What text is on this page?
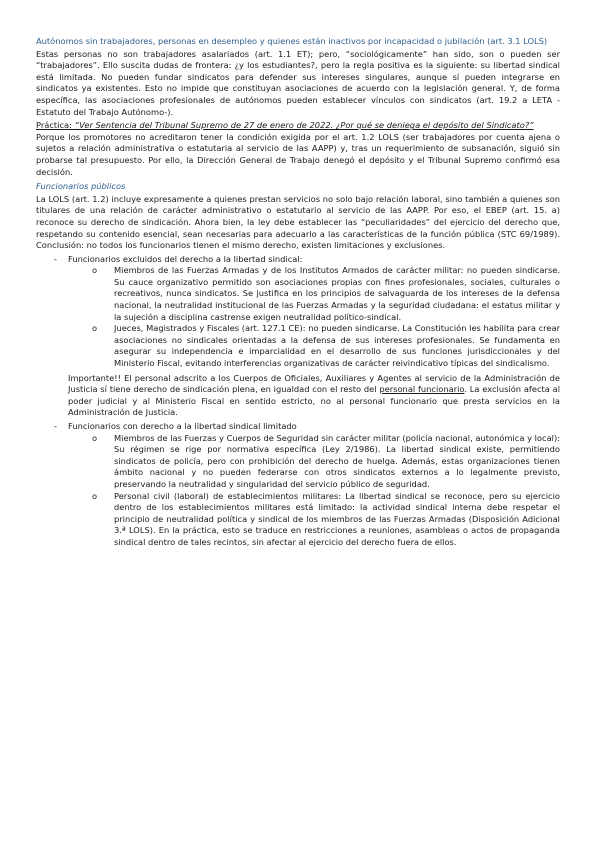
Autónomos sin trabajadores, personas en desempleo y quienes están inactivos por incapacidad o jubilación (art. 3.1 LOLS)

Estas personas no son trabajadores asalariados (art. 1.1 ET); pero, “sociológicamente” han sido, son o pueden ser “trabajadores”. Ello suscita dudas de frontera: ¿y los estudiantes?, pero la regla positiva es la siguiente: su libertad sindical está limitada. No pueden fundar sindicatos para defender sus intereses singulares, aunque sí pueden integrarse en sindicatos ya existentes. Esto no impide que constituyan asociaciones de acuerdo con la legislación general. Y, de forma específica, las asociaciones profesionales de autónomos pueden establecer vínculos con sindicatos (art. 19.2 a LETA -Estatuto del Trabajo Autónomo-).

Práctica: “Ver Sentencia del Tribunal Supremo de 27 de enero de 2022. ¿Por qué se deniega el depósito del Sindicato?”

Porque los promotores no acreditaron tener la condición exigida por el art. 1.2 LOLS (ser trabajadores por cuenta ajena o sujetos a relación administrativa o estatutaria al servicio de las AAPP) y, tras un requerimiento de subsanación, siguió sin probarse tal presupuesto. Por ello, la Dirección General de Trabajo denegó el depósito y el Tribunal Supremo confirmó esa decisión.

Funcionarios públicos

La LOLS (art. 1.2) incluye expresamente a quienes prestan servicios no solo bajo relación laboral, sino también a quienes son titulares de una relación de carácter administrativo o estatutario al servicio de las AAPP. Por eso, el EBEP (art. 15. a) reconoce su derecho de sindicación. Ahora bien, la ley debe establecer las “peculiaridades” del ejercicio del derecho que, respetando su contenido esencial, sean necesarias para adecuarlo a las características de la función pública (STC 69/1989). Conclusión: no todos los funcionarios tienen el mismo derecho, existen limitaciones y exclusiones.

- Funcionarios excluidos del derecho a la libertad sindical:
o Miembros de las Fuerzas Armadas y de los Institutos Armados de carácter militar: no pueden sindicarse. Su cauce organizativo permitido son asociaciones propias con fines profesionales, sociales, culturales o recreativos, nunca sindicatos. Se justifica en los principios de salvaguarda de los intereses de la defensa nacional, la neutralidad institucional de las Fuerzas Armadas y la seguridad ciudadana: el estatus militar y la sujeción a disciplina castrense exigen neutralidad político-sindical.
o Jueces, Magistrados y Fiscales (art. 127.1 CE): no pueden sindicarse. La Constitución les habilita para crear asociaciones no sindicales orientadas a la defensa de sus intereses profesionales. Se fundamenta en asegurar su independencia e imparcialidad en el desarrollo de sus funciones jurisdiccionales y del Ministerio Fiscal, evitando interferencias organizativas de carácter reivindicativo típicas del sindicalismo.

Importante!! El personal adscrito a los Cuerpos de Oficiales, Auxiliares y Agentes al servicio de la Administración de Justicia sí tiene derecho de sindicación plena, en igualdad con el resto del personal funcionario. La exclusión afecta al poder judicial y al Ministerio Fiscal en sentido estricto, no al personal funcionario que presta servicios en la Administración de Justicia.

- Funcionarios con derecho a la libertad sindical limitado
o Miembros de las Fuerzas y Cuerpos de Seguridad sin carácter militar (policía nacional, autonómica y local): Su régimen se rige por normativa específica (Ley 2/1986). La libertad sindical existe, permitiendo sindicatos de policía, pero con prohibición del derecho de huelga. Además, estas organizaciones tienen ámbito nacional y no pueden federarse con otros sindicatos externos a lo legalmente previsto, preservando la neutralidad y singularidad del servicio público de seguridad.
o Personal civil (laboral) de establecimientos militares: La libertad sindical se reconoce, pero su ejercicio dentro de los establecimientos militares está limitado: la actividad sindical interna debe respetar el principio de neutralidad política y sindical de los miembros de las Fuerzas Armadas (Disposición Adicional 3.ª LOLS). En la práctica, esto se traduce en restricciones a reuniones, asambleas o actos de propaganda sindical dentro de tales recintos, sin afectar al ejercicio del derecho fuera de ellos.
